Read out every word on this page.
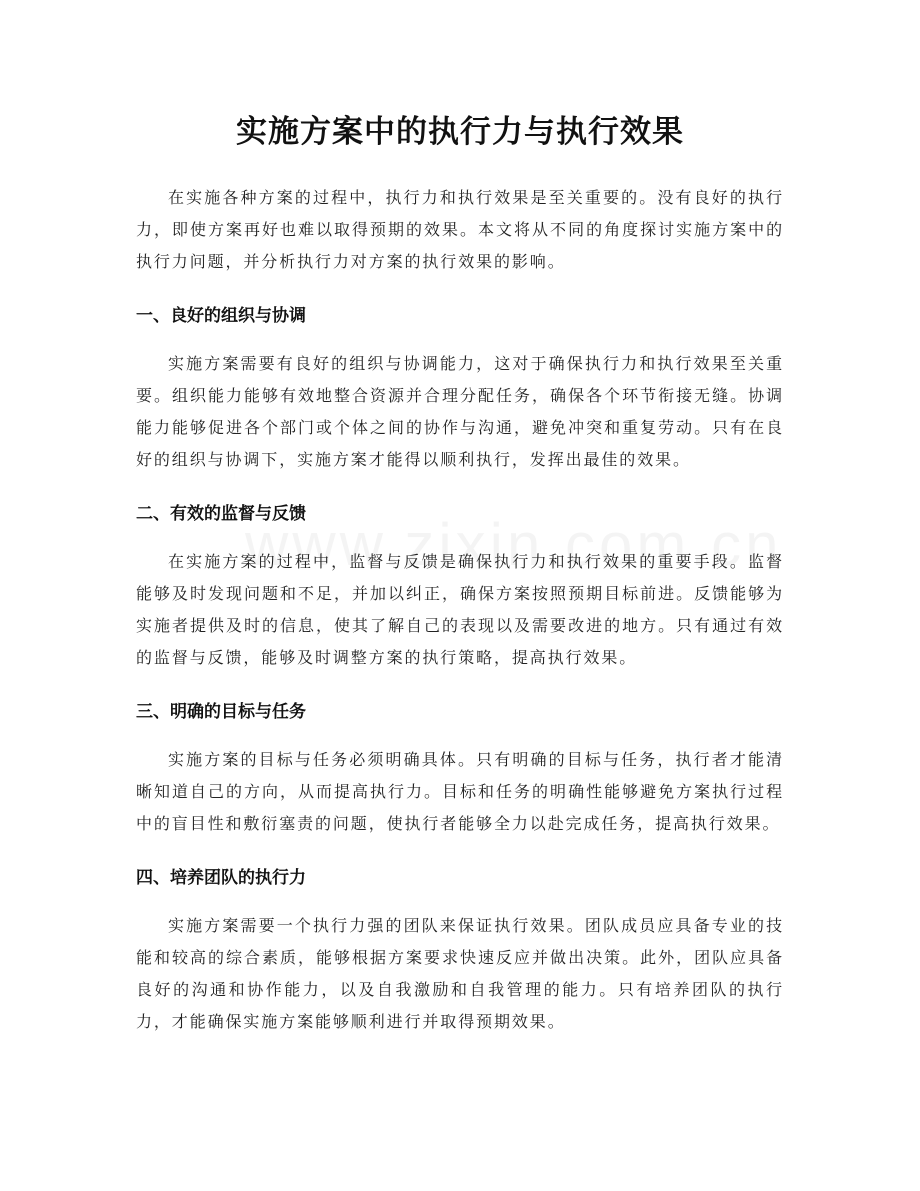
实施方案中的执行力与执行效果

在实施各种方案的过程中，执行力和执行效果是至关重要的。没有良好的执行力，即使方案再好也难以取得预期的效果。本文将从不同的角度探讨实施方案中的执行力问题，并分析执行力对方案的执行效果的影响。

一、良好的组织与协调

实施方案需要有良好的组织与协调能力，这对于确保执行力和执行效果至关重要。组织能力能够有效地整合资源并合理分配任务，确保各个环节衔接无缝。协调能力能够促进各个部门或个体之间的协作与沟通，避免冲突和重复劳动。只有在良好的组织与协调下，实施方案才能得以顺利执行，发挥出最佳的效果。

二、有效的监督与反馈

在实施方案的过程中，监督与反馈是确保执行力和执行效果的重要手段。监督能够及时发现问题和不足，并加以纠正，确保方案按照预期目标前进。反馈能够为实施者提供及时的信息，使其了解自己的表现以及需要改进的地方。只有通过有效的监督与反馈，能够及时调整方案的执行策略，提高执行效果。

三、明确的目标与任务

实施方案的目标与任务必须明确具体。只有明确的目标与任务，执行者才能清晰知道自己的方向，从而提高执行力。目标和任务的明确性能够避免方案执行过程中的盲目性和敷衍塞责的问题，使执行者能够全力以赴完成任务，提高执行效果。

四、培养团队的执行力

实施方案需要一个执行力强的团队来保证执行效果。团队成员应具备专业的技能和较高的综合素质，能够根据方案要求快速反应并做出决策。此外，团队应具备良好的沟通和协作能力，以及自我激励和自我管理的能力。只有培养团队的执行力，才能确保实施方案能够顺利进行并取得预期效果。
